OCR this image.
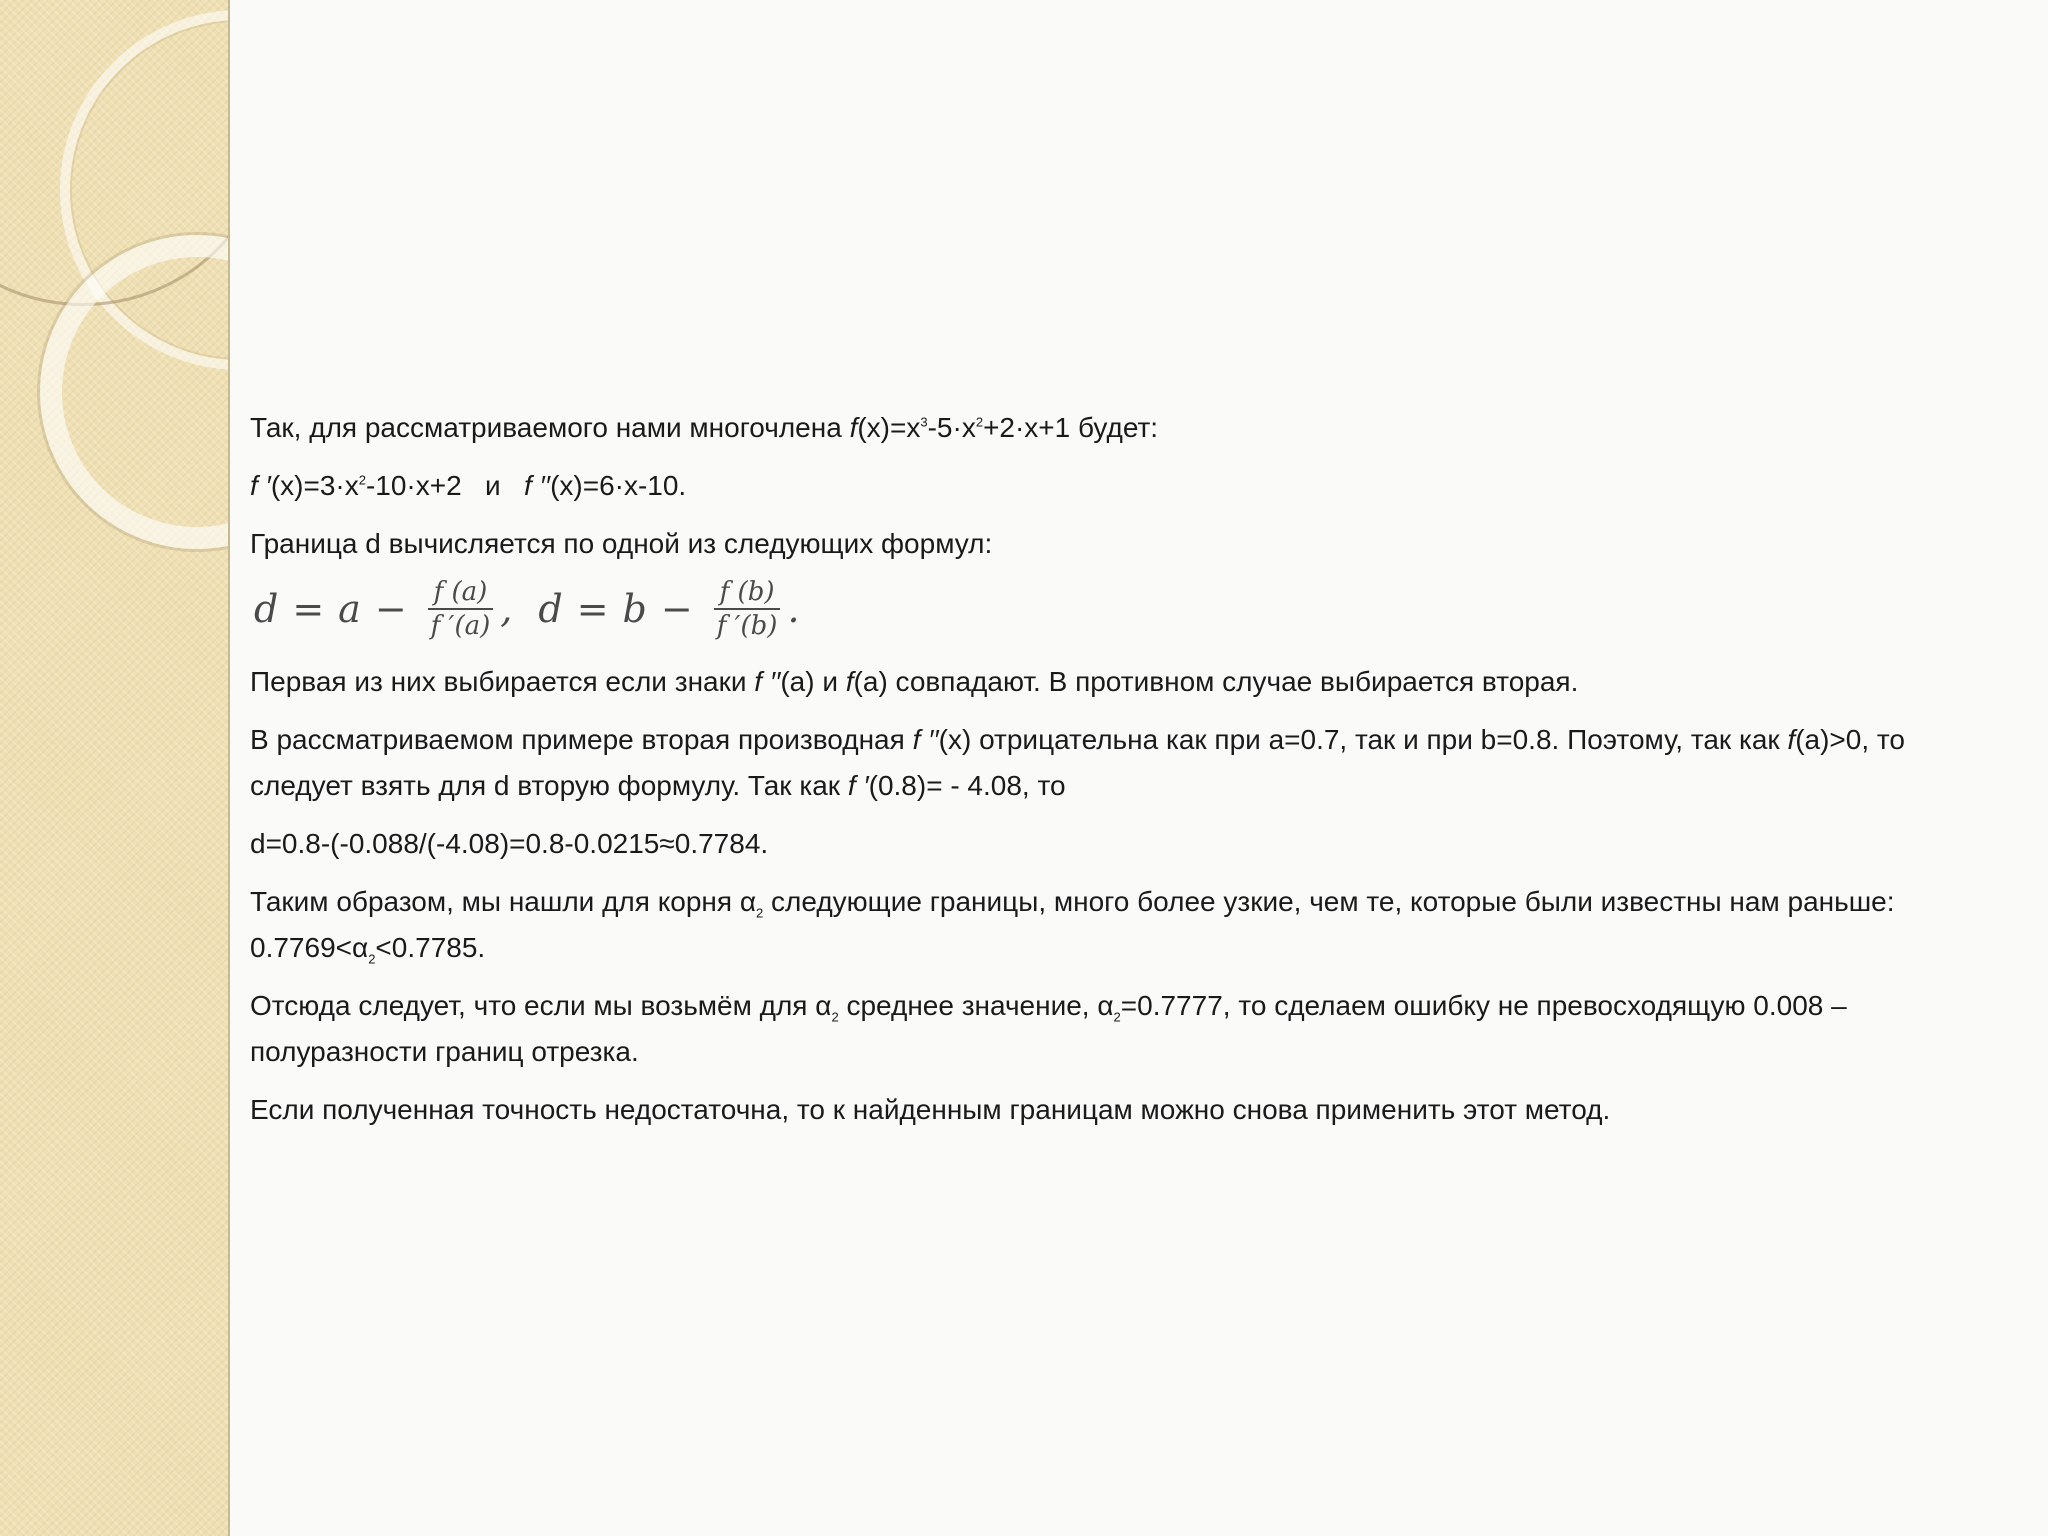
Так, для рассматриваемого нами многочлена $f(x)=x^3-5\cdot x^2+2\cdot x+1$ будет:

f $'(x)=3\cdot x^2-10\cdot x+2$   и   f ′′(x)=6·x-10.

Граница d вычисляется по одной из следующих формул:

$d = a - \frac{f (a)}{f '(a)}$ , $d = b - \frac{f (b)}{f '(b)}$ .

Первая из них выбирается если знаки f ′′(a) и f(a) совпадают. В противном случае выбирается вторая.

В рассматриваемом примере вторая производная f ′′(x) отрицательна как при a=0.7, так и при b=0.8. Поэтому, так как f(a)>0, то следует взять для d вторую формулу. Так как f ′(0.8)= - 4.08, то

d=0.8-(-0.088/(-4.08)=0.8-0.0215≈0.7784.

Таким образом, мы нашли для корня $\alpha_2$ следующие границы, много более узкие, чем те, которые были известны нам раньше:    $0.7769<\alpha_2<0.7785$.

Отсюда следует, что если мы возьмём для $\alpha_2$ среднее значение, $\alpha_2=0.7777$, то сделаем ошибку не превосходящую 0.008 – полуразности границ отрезка.

Если полученная точность недостаточна, то к найденным границам можно снова применить этот метод.
